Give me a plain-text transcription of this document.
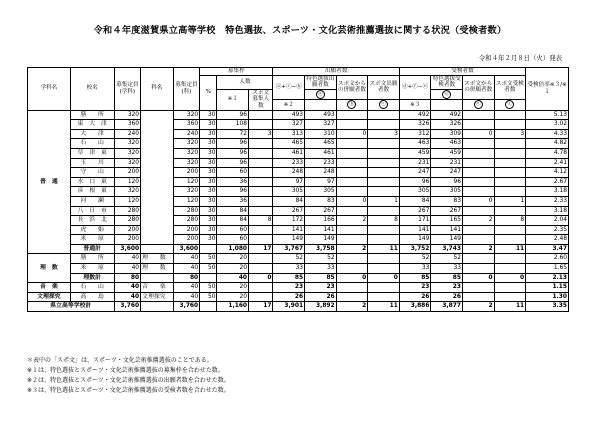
令和４年度滋賀県立高等学校　特色選抜、スポーツ・文化芸術推薦選抜に関する状況（受検者数）
令和４年２月８日（火）発表
学科名	校名	募集定員(学科)	科名	募集定員(科)	募集枠			出願者数				受検者数				受検倍率※３/※１
					%	人数		ⓐ+ⓒ−ⓑ	特色選抜出願者数	スポ文からの併願者数	スポ文出願者数	ⓓ+ⓕ−ⓔ	特色選抜受検者数	スポ文からの併願者数	スポ文受検者数	
						※１	スポ文募集人数		ⓐ				ⓓ			
								※２		ⓑ	ⓒ	※３		ⓔ	ⓕ	
普　通	膳　　所	320		320	30	96		493	493			492	492			5.13
	東　大　津	360		360	30	108		327	327			326	326			3.02
	大　　津	240		240	30	72	3	313	310	0	3	312	309	0	3	4.33
	石　　山	320		320	30	96		465	465			463	463			4.82
	草　津　東	320		320	30	96		461	461			459	459			4.78
	玉　　川	320		320	30	96		233	233			231	231			2.41
	守　　山	200		200	30	60		248	248			247	247			4.12
	水　口　東	120		120	30	36		97	97			96	96			2.67
	彦　根　東	320		320	30	96		305	305			305	305			3.18
	河　　瀬	120		120	30	36		84	83	0	1	84	83	0	1	2.33
	八　日　市	280		280	30	84		267	267			267	267			3.18
	長　浜　北	280		280	30	84	8	172	166	2	8	171	165	2	8	2.04
	虎　　姫	200		200	30	60		141	141			141	141			2.35
	米　　原	200		200	30	60		149	149			149	149			2.48
	普通計	3,600		3,600		1,080	17	3,767	3,758	2	11	3,752	3,743	2	11	3.47
理　数	膳　　所	40	理　　数	40	50	20		52	52			52	52			2.60
	米　　原	40	理　　数	40	50	20		33	33			33	33			1.65
	理数計	80		80		40	0	85	85	0	0	85	85	0	0	2.13
音　楽	石　　山	40	音　　楽	40	50	20		23	23			23	23			1.15
文理探究	高　　島	40	文理探究	40	50	20		26	26			26	26			1.30
県立高等学校計		3,760		3,760		1,160	17	3,901	3,892	2	11	3,886	3,877	2	11	3.35
＊表中の「スポ文」は、スポーツ・文化芸術推薦選抜のことである。
※１は、特色選抜とスポーツ・文化芸術推薦選抜の募集枠を合わせた数。
※２は、特色選抜とスポーツ・文化芸術推薦選抜の出願者数を合わせた数。
※３は、特色選抜とスポーツ・文化芸術推薦選抜の受検者数を合わせた数。
